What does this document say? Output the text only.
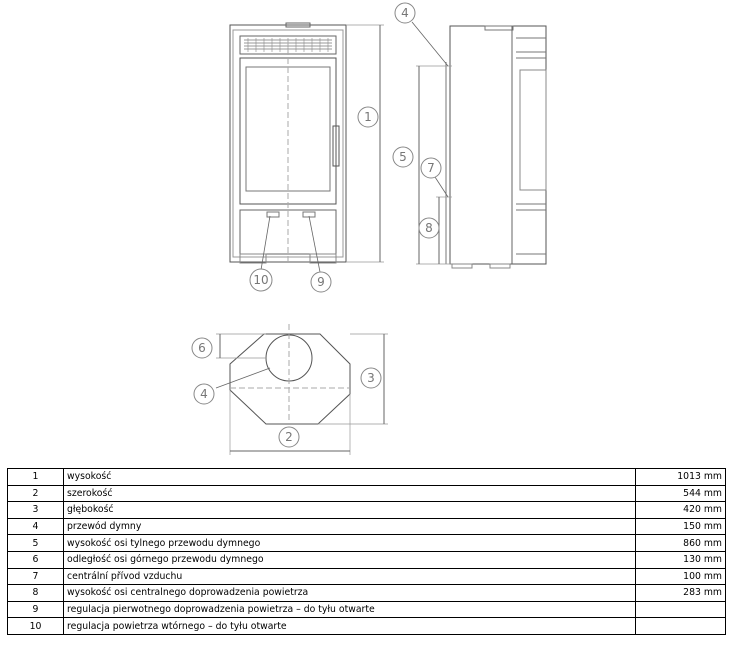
1
4
5
7
8
10	9
6
3
4
2
1	wysokość	1013 mm
2	szerokość	544 mm
3	głębokość	420 mm
4	przewód dymny	150 mm
5	wysokość osi tylnego przewodu dymnego	860 mm
6	odległość osi górnego przewodu dymnego	130 mm
7	centrální přívod vzduchu	100 mm
8	wysokość osi centralnego doprowadzenia powietrza	283 mm
9	regulacja pierwotnego doprowadzenia powietrza – do tyłu otwarte	
10	regulacja powietrza wtórnego – do tyłu otwarte	
